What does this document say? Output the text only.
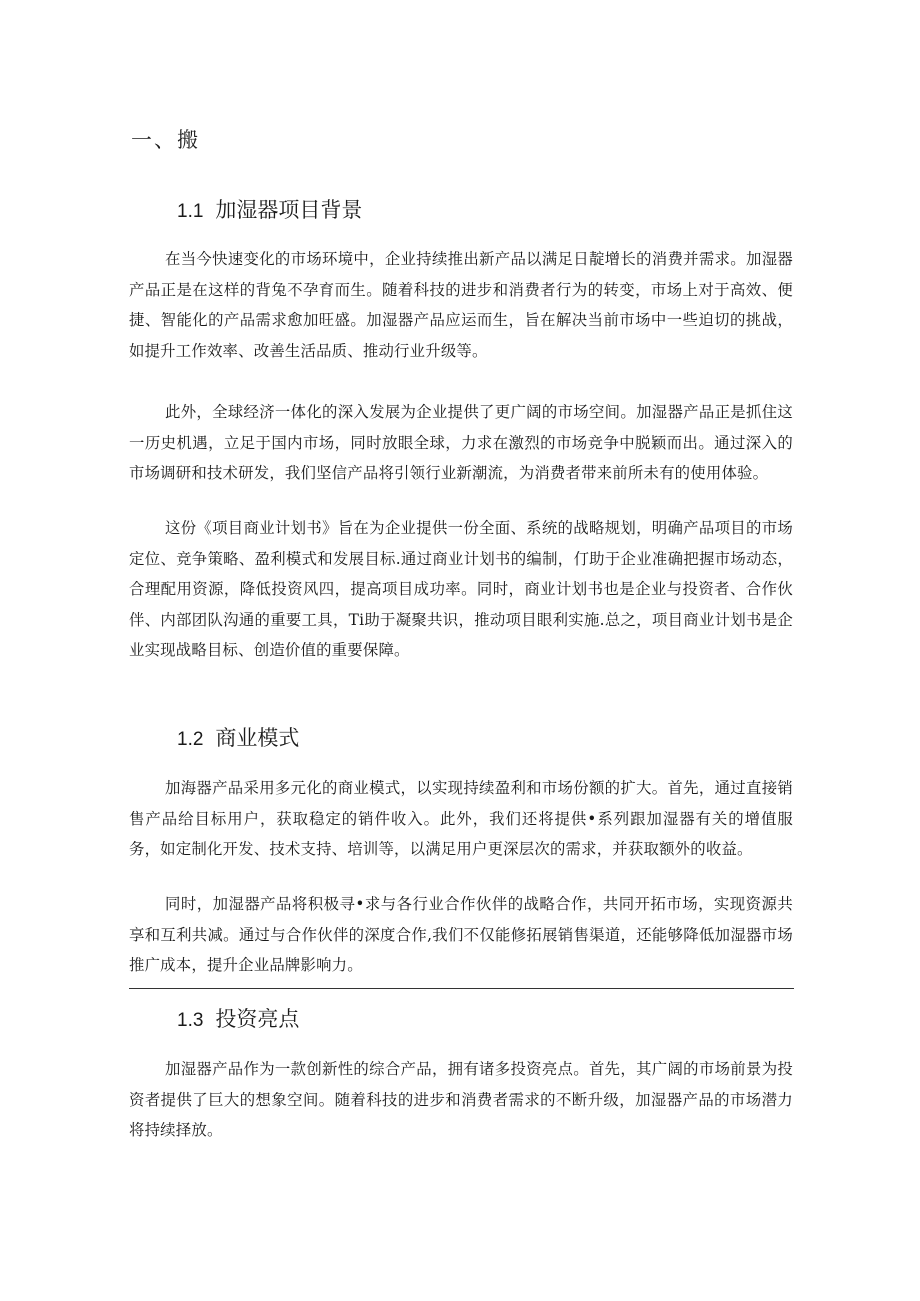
一、搬
1.1 加湿器项目背景

在当今快速变化的市场环境中，企业持续推出新产品以满足日靛增长的消费并需求。加湿器产品正是在这样的背兔不孕育而生。随着科技的进步和消费者行为的转变，市场上对于高效、便捷、智能化的产品需求愈加旺盛。加湿器产品应运而生，旨在解决当前市场中一些迫切的挑战，如提升工作效率、改善生活品质、推动行业升级等。

此外，全球经济一体化的深入发展为企业提供了更广阔的市场空间。加湿器产品正是抓住这一历史机遇，立足于国内市场，同时放眼全球，力求在激烈的市场竞争中脱颖而出。通过深入的市场调研和技术研发，我们坚信产品将引领行业新潮流，为消费者带来前所未有的使用体验。

这份《项目商业计划书》旨在为企业提供一份全面、系统的战略规划，明确产品项目的市场定位、竞争策略、盈利模式和发展目标.通过商业计划书的编制，仃助于企业准确把握市场动态，合理配用资源，降低投资风四，提高项目成功率。同时，商业计划书也是企业与投资者、合作伙伴、内部团队沟通的重要工具，Ti助于凝聚共识，推动项目眼利实施.总之，项目商业计划书是企业实现战略目标、创造价值的重要保障。

1.2 商业模式

加海器产品采用多元化的商业模式，以实现持续盈利和市场份额的扩大。首先，通过直接销售产品给目标用户，获取稳定的销件收入。此外，我们还将提供•系列跟加湿器有关的增值服务，如定制化开发、技术支持、培训等，以满足用户更深层次的需求，并获取额外的收益。

同时，加湿器产品将积极寻•求与各行业合作伙伴的战略合作，共同开拓市场，实现资源共享和互利共减。通过与合作伙伴的深度合作,我们不仅能修拓展销售渠道，还能够降低加湿器市场推广成本，提升企业品牌影响力。

1.3 投资亮点

加湿器产品作为一款创新性的综合产品，拥有诸多投资亮点。首先，其广阔的市场前景为投资者提供了巨大的想象空间。随着科技的进步和消费者需求的不断升级，加湿器产品的市场潜力将持续择放。
